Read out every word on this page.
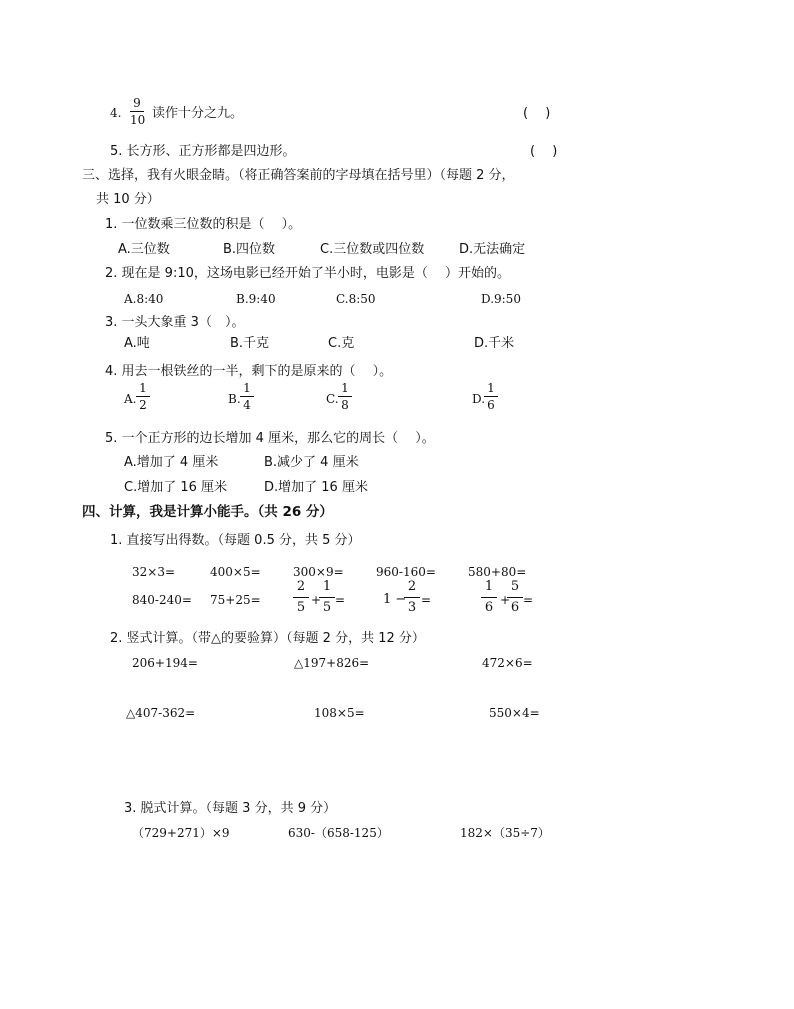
4.
9
10 读作十分之九。	(　 )
5. 长方形、正方形都是四边形。	(　 )
三、选择，我有火眼金睛。（将正确答案前的字母填在括号里）（每题 2 分，
共 10 分）
1. 一位数乘三位数的积是（　 ）。
A.三位数	B.四位数	C.三位数或四位数	D.无法确定
2. 现在是 9:10，这场电影已经开始了半小时，电影是（　 ）开始的。
A.8:40	B.9:40	C.8:50	D.9:50
3. 一头大象重 3（　）。
A.吨	B.千克	C.克	D.千米
4. 用去一根铁丝的一半，剩下的是原来的（　 ）。
A.
1
2	B.
1
4	C.
1
8	D.
1
6
5. 一个正方形的边长增加 4 厘米，那么它的周长（　 ）。
A.增加了 4 厘米	B.减少了 4 厘米
C.增加了 16 厘米	D.增加了 16 厘米
四、计算，我是计算小能手。（共 26 分）
1. 直接写出得数。（每题 0.5 分，共 5 分）
32×3=	400×5=	300×9=	960-160=	580+80=
840-240= 75+25=
2
5 +
1
5 =	1 −
2
3 =
1
6 +
5
6 =
2. 竖式计算。（带△的要验算）（每题 2 分，共 12 分）
206+194=	△197+826=	472×6=
△407-362=	108×5=	550×4=
3. 脱式计算。（每题 3 分，共 9 分）
（729+271）×9	630-（658-125）	182×（35÷7）
